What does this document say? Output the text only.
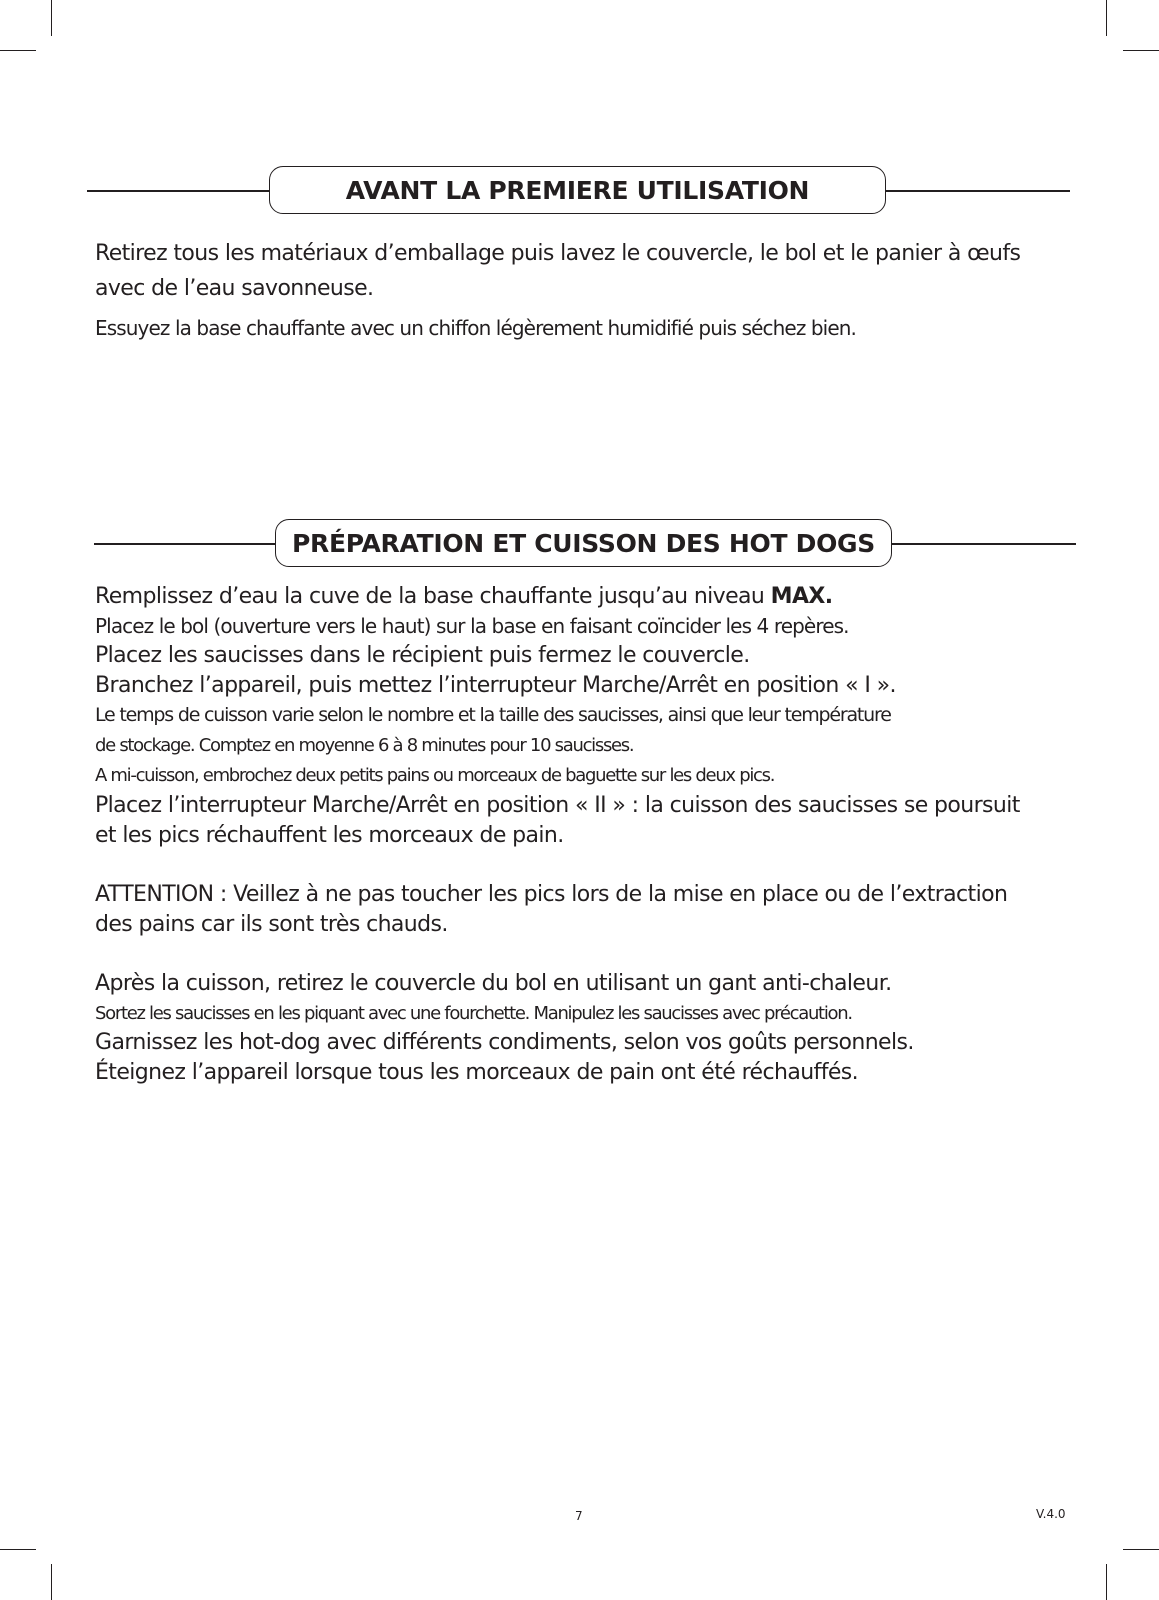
AVANT LA PREMIERE UTILISATION
Retirez tous les matériaux d’emballage puis lavez le couvercle, le bol et le panier à œufs
avec de l’eau savonneuse.
Essuyez la base chauffante avec un chiffon légèrement humidifié puis séchez bien.
PRÉPARATION ET CUISSON DES HOT DOGS
Remplissez d’eau la cuve de la base chauffante jusqu’au niveau MAX.
Placez le bol (ouverture vers le haut) sur la base en faisant coïncider les 4 repères.
Placez les saucisses dans le récipient puis fermez le couvercle.
Branchez l’appareil, puis mettez l’interrupteur Marche/Arrêt en position « I ».
Le temps de cuisson varie selon le nombre et la taille des saucisses, ainsi que leur température
de stockage. Comptez en moyenne 6 à 8 minutes pour 10 saucisses.
A mi-cuisson, embrochez deux petits pains ou morceaux de baguette sur les deux pics.
Placez l’interrupteur Marche/Arrêt en position « II » : la cuisson des saucisses se poursuit
et les pics réchauffent les morceaux de pain.
ATTENTION : Veillez à ne pas toucher les pics lors de la mise en place ou de l’extraction
des pains car ils sont très chauds.
Après la cuisson, retirez le couvercle du bol en utilisant un gant anti-chaleur.
Sortez les saucisses en les piquant avec une fourchette. Manipulez les saucisses avec précaution.
Garnissez les hot-dog avec différents condiments, selon vos goûts personnels.
Éteignez l’appareil lorsque tous les morceaux de pain ont été réchauffés.
7	V.4.0
